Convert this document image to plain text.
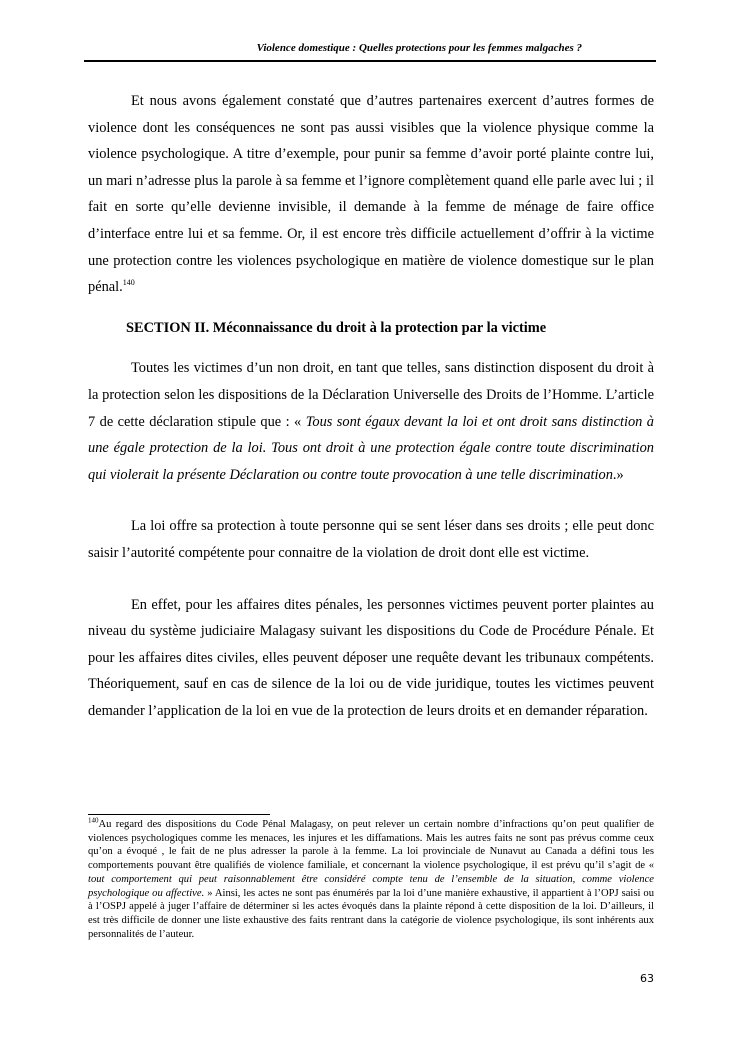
Violence domestique : Quelles protections pour les femmes malgaches ?

Et nous avons également constaté que d’autres partenaires exercent d’autres formes de violence dont les conséquences ne sont pas aussi visibles que la violence physique comme la violence psychologique. A titre d’exemple, pour punir sa femme d’avoir porté plainte contre lui, un mari n’adresse plus la parole à sa femme et l’ignore complètement quand elle parle avec lui ; il fait en sorte qu’elle devienne invisible, il demande à la femme de ménage de faire office d’interface entre lui et sa femme. Or, il est encore très difficile actuellement d’offrir à la victime une protection contre les violences psychologique en matière de violence domestique sur le plan pénal.$^{140}$

SECTION II. Méconnaissance du droit à la protection par la victime

Toutes les victimes d’un non droit, en tant que telles, sans distinction disposent du droit à la protection selon les dispositions de la Déclaration Universelle des Droits de l’Homme. L’article 7 de cette déclaration stipule que : « Tous sont égaux devant la loi et ont droit sans distinction à une égale protection de la loi. Tous ont droit à une protection égale contre toute discrimination qui violerait la présente Déclaration ou contre toute provocation à une telle discrimination.»

La loi offre sa protection à toute personne qui se sent léser dans ses droits ; elle peut donc saisir l’autorité compétente pour connaitre de la violation de droit dont elle est victime.

En effet, pour les affaires dites pénales, les personnes victimes peuvent porter plaintes au niveau du système judiciaire Malagasy suivant les dispositions du Code de Procédure Pénale. Et pour les affaires dites civiles, elles peuvent déposer une requête devant les tribunaux compétents. Théoriquement, sauf en cas de silence de la loi ou de vide juridique, toutes les victimes peuvent demander l’application de la loi en vue de la protection de leurs droits et en demander réparation.

$^{140}$Au regard des dispositions du Code Pénal Malagasy, on peut relever un certain nombre d’infractions qu’on peut qualifier de violences psychologiques comme les menaces, les injures et les diffamations. Mais les autres faits ne sont pas prévus comme ceux qu’on a évoqué , le fait de ne plus adresser la parole à la femme. La loi provinciale de Nunavut au Canada a défini tous les comportements pouvant être qualifiés de violence familiale, et concernant la violence psychologique, il est prévu qu’il s’agit de « tout comportement qui peut raisonnablement être considéré compte tenu de l’ensemble de la situation, comme violence psychologique ou affective. » Ainsi, les actes ne sont pas énumérés par la loi d’une manière exhaustive, il appartient à l’OPJ saisi ou à l’OSPJ appelé à juger l’affaire de déterminer si les actes évoqués dans la plainte répond à cette disposition de la loi. D’ailleurs, il est très difficile de donner une liste exhaustive des faits rentrant dans la catégorie de violence psychologique, ils sont inhérents aux personnalités de l’auteur.
63
